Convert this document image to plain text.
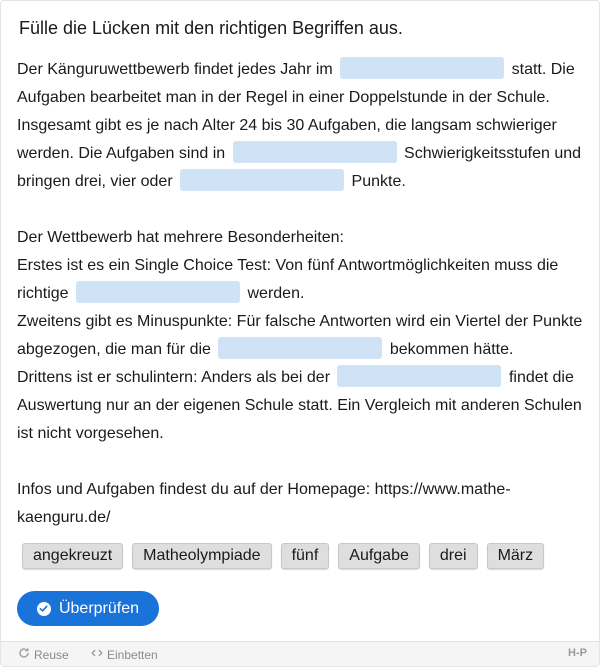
Fülle die Lücken mit den richtigen Begriffen aus.
Der Känguruwettbewerb findet jedes Jahr im	statt. Die Aufgaben bearbeitet man in der Regel in einer Doppelstunde in der Schule. Insgesamt gibt es je nach Alter 24 bis 30 Aufgaben, die langsam schwieriger werden. Die Aufgaben sind in	Schwierigkeitsstufen und bringen drei, vier oder	Punkte.

Der Wettbewerb hat mehrere Besonderheiten:
Erstes ist es ein Single Choice Test: Von fünf Antwortmöglichkeiten muss die richtige	werden.
Zweitens gibt es Minuspunkte: Für falsche Antworten wird ein Viertel der Punkte abgezogen, die man für die	bekommen hätte.
Drittens ist er schulintern: Anders als bei der	findet die Auswertung nur an der eigenen Schule statt. Ein Vergleich mit anderen Schulen ist nicht vorgesehen.

Infos und Aufgaben findest du auf der Homepage: https://www.mathe-kaenguru.de/
angekreuzt	Matheolympiade	fünf	Aufgabe	drei	März
Überprüfen
Reuse	Einbetten	H-P
